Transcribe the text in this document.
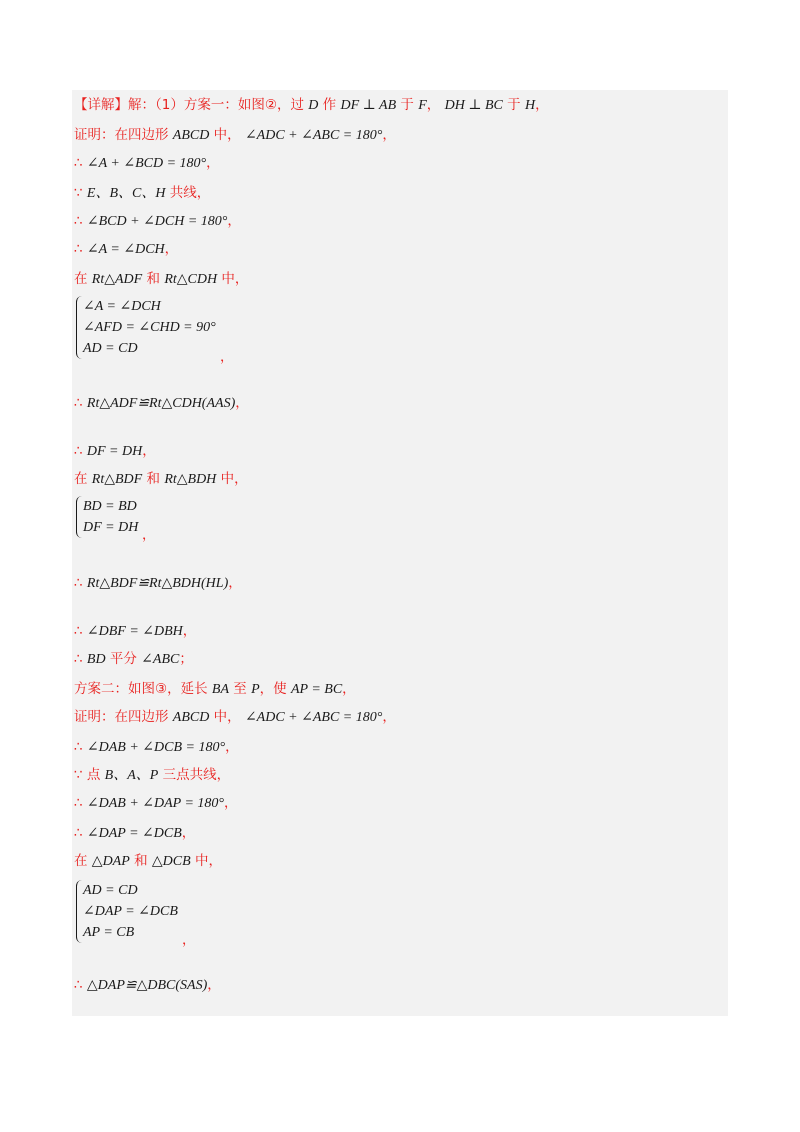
【详解】解：（1）方案一：如图②，过 D 作 DF ⊥ AB 于 F， DH ⊥ BC 于 H，
证明：在四边形 ABCD 中， ∠ADC + ∠ABC = 180°，
∴ ∠A + ∠BCD = 180°，
∵ E、B、C、H 共线，
∴ ∠BCD + ∠DCH = 180°，
∴ ∠A = ∠DCH，
在 Rt△ADF 和 Rt△CDH 中，
∴ Rt△ADF≌Rt△CDH(AAS)，
∴ DF = DH，
在 Rt△BDF 和 Rt△BDH 中，
∴ Rt△BDF≌Rt△BDH(HL)，
∴ ∠DBF = ∠DBH，
∴ BD 平分 ∠ABC；
方案二：如图③，延长 BA 至 P，使 AP = BC，
证明：在四边形 ABCD 中， ∠ADC + ∠ABC = 180°，
∴ ∠DAB + ∠DCB = 180°，
∵ 点 B、A、P 三点共线，
∴ ∠DAB + ∠DAP = 180°，
∴ ∠DAP = ∠DCB，
在 △DAP 和 △DCB 中，
∴ △DAP≌△DBC(SAS)，
∠A = ∠DCH
∠AFD = ∠CHD = 90°
AD = CD
，
BD = BD
DF = DH ，
AD = CD
∠DAP = ∠DCB
AP = CB	，
